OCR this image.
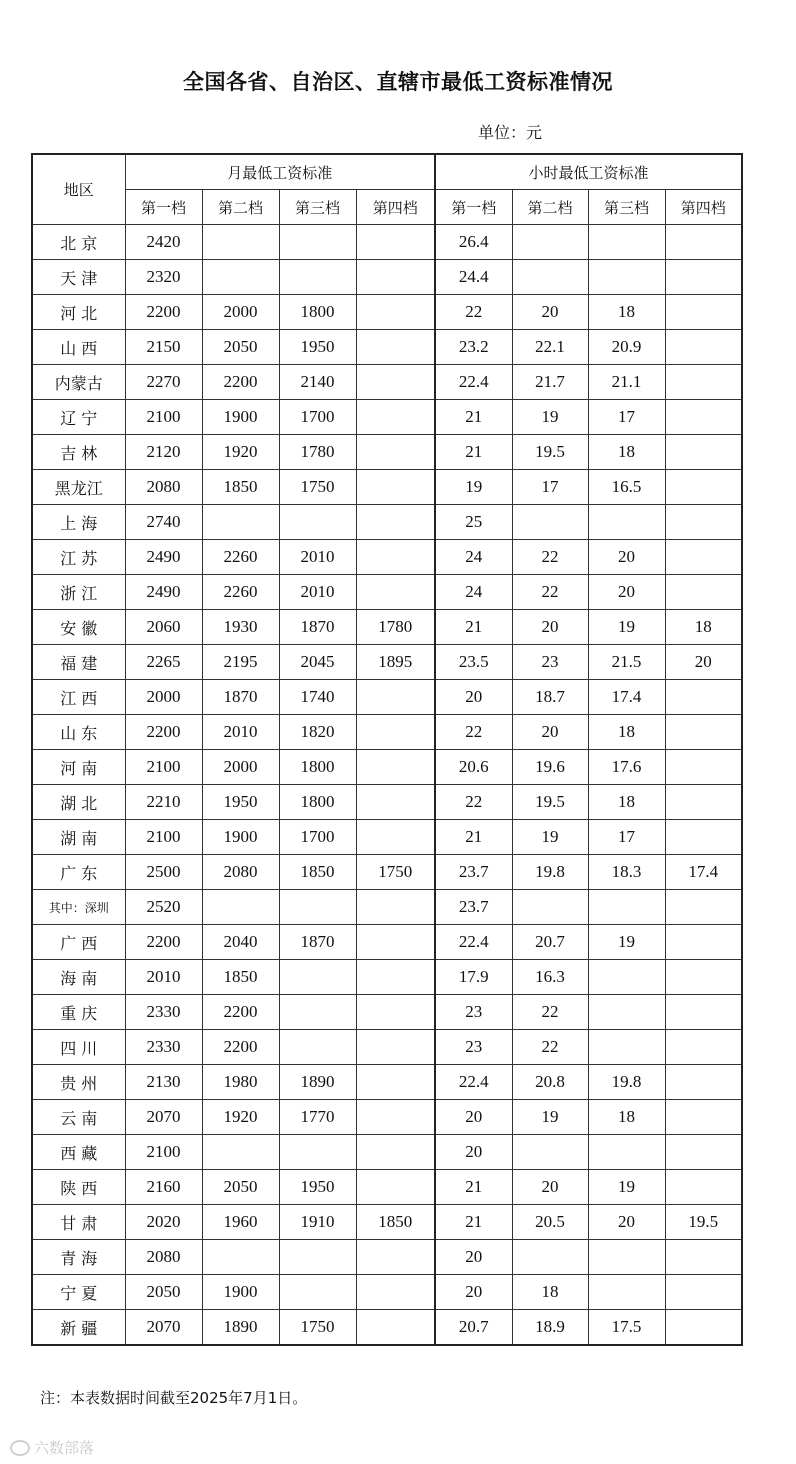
全国各省、自治区、直辖市最低工资标准情况
单位：元
地区	月最低工资标准				小时最低工资标准			
	第一档	第二档	第三档	第四档	第一档	第二档	第三档	第四档
北 京	2420				26.4			
天 津	2320				24.4			
河 北	2200	2000	1800		22	20	18	
山 西	2150	2050	1950		23.2	22.1	20.9	
内蒙古	2270	2200	2140		22.4	21.7	21.1	
辽 宁	2100	1900	1700		21	19	17	
吉 林	2120	1920	1780		21	19.5	18	
黑龙江	2080	1850	1750		19	17	16.5	
上 海	2740				25			
江 苏	2490	2260	2010		24	22	20	
浙 江	2490	2260	2010		24	22	20	
安 徽	2060	1930	1870	1780	21	20	19	18
福 建	2265	2195	2045	1895	23.5	23	21.5	20
江 西	2000	1870	1740		20	18.7	17.4	
山 东	2200	2010	1820		22	20	18	
河 南	2100	2000	1800		20.6	19.6	17.6	
湖 北	2210	1950	1800		22	19.5	18	
湖 南	2100	1900	1700		21	19	17	
广 东	2500	2080	1850	1750	23.7	19.8	18.3	17.4
其中：深圳	2520				23.7			
广 西	2200	2040	1870		22.4	20.7	19	
海 南	2010	1850			17.9	16.3		
重 庆	2330	2200			23	22		
四 川	2330	2200			23	22		
贵 州	2130	1980	1890		22.4	20.8	19.8	
云 南	2070	1920	1770		20	19	18	
西 藏	2100				20			
陕 西	2160	2050	1950		21	20	19	
甘 肃	2020	1960	1910	1850	21	20.5	20	19.5
青 海	2080				20			
宁 夏	2050	1900			20	18		
新 疆	2070	1890	1750		20.7	18.9	17.5	
注：本表数据时间截至2025年7月1日。
六数部落
